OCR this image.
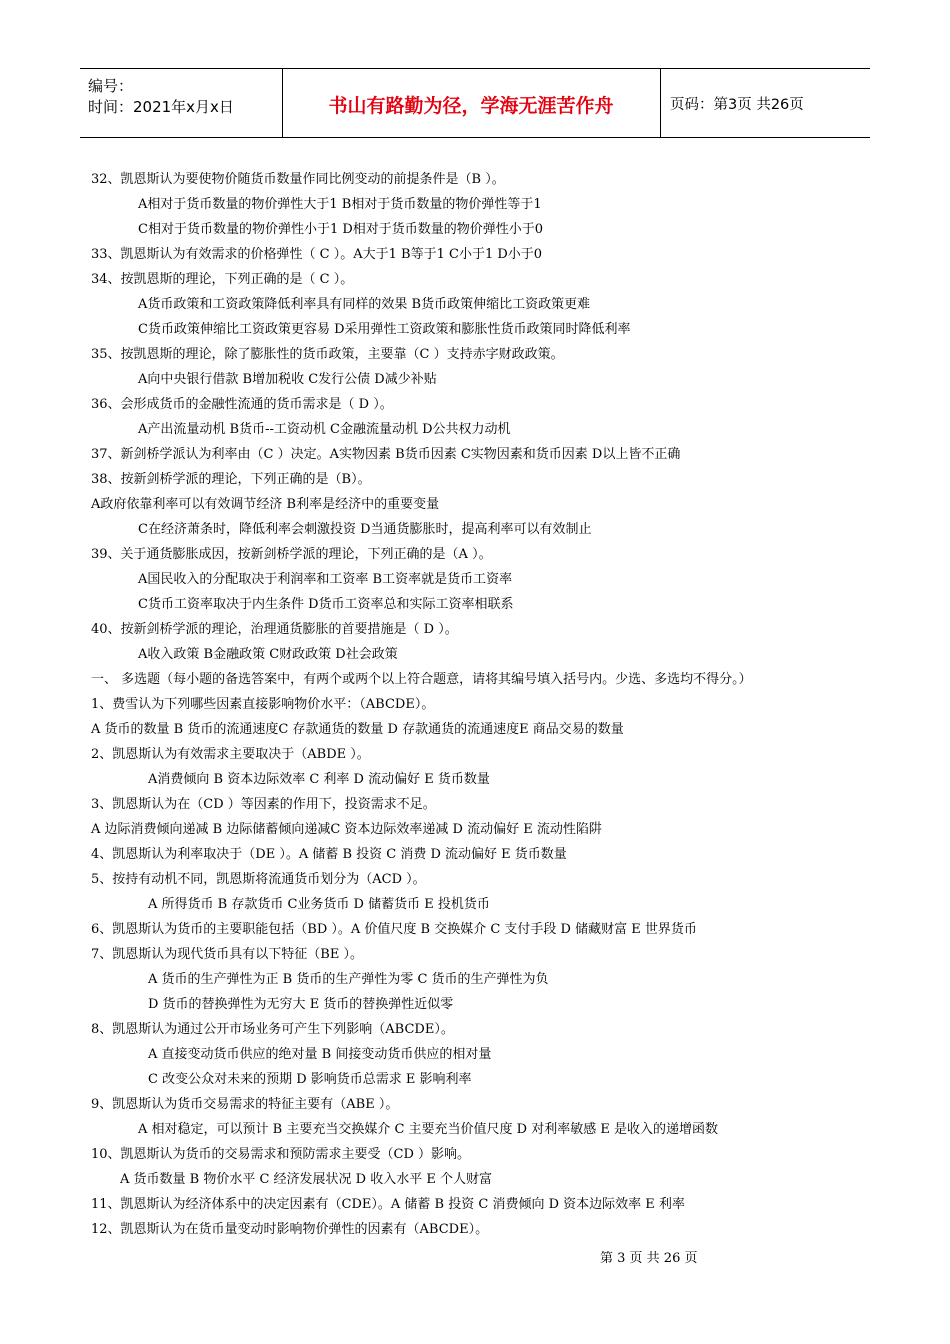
编号：
时间：2021年x月x日	书山有路勤为径，学海无涯苦作舟	页码：第3页 共26页
32、凯恩斯认为要使物价随货币数量作同比例变动的前提条件是（B ）。
A相对于货币数量的物价弹性大于1 B相对于货币数量的物价弹性等于1
C相对于货币数量的物价弹性小于1 D相对于货币数量的物价弹性小于0
33、凯恩斯认为有效需求的价格弹性（ C ）。A大于1 B等于1 C小于1 D小于0
34、按凯恩斯的理论，下列正确的是（ C ）。
A货币政策和工资政策降低利率具有同样的效果 B货币政策伸缩比工资政策更难
C货币政策伸缩比工资政策更容易 D采用弹性工资政策和膨胀性货币政策同时降低利率
35、按凯恩斯的理论，除了膨胀性的货币政策，主要靠（C ）支持赤字财政政策。
A向中央银行借款 B增加税收 C发行公债 D减少补贴
36、会形成货币的金融性流通的货币需求是（ D ）。
A产出流量动机 B货币--工资动机 C金融流量动机 D公共权力动机
37、新剑桥学派认为利率由（C ）决定。A实物因素 B货币因素 C实物因素和货币因素 D以上皆不正确
38、按新剑桥学派的理论，下列正确的是（B）。
A政府依靠利率可以有效调节经济 B利率是经济中的重要变量
C在经济萧条时，降低利率会刺激投资 D当通货膨胀时，提高利率可以有效制止
39、关于通货膨胀成因，按新剑桥学派的理论，下列正确的是（A ）。
A国民收入的分配取决于利润率和工资率 B工资率就是货币工资率
C货币工资率取决于内生条件 D货币工资率总和实际工资率相联系
40、按新剑桥学派的理论，治理通货膨胀的首要措施是（ D ）。
A收入政策 B金融政策 C财政政策 D社会政策
一、 多选题（每小题的备选答案中，有两个或两个以上符合题意，请将其编号填入括号内。少选、多选均不得分。）
1、费雪认为下列哪些因素直接影响物价水平：（ABCDE）。
A 货币的数量 B 货币的流通速度C 存款通货的数量 D 存款通货的流通速度E 商品交易的数量
2、凯恩斯认为有效需求主要取决于（ABDE ）。
A消费倾向 B 资本边际效率 C 利率 D 流动偏好 E 货币数量
3、凯恩斯认为在（CD ）等因素的作用下，投资需求不足。
A 边际消费倾向递减 B 边际储蓄倾向递减C 资本边际效率递减 D 流动偏好 E 流动性陷阱
4、凯恩斯认为利率取决于（DE ）。A 储蓄 B 投资 C 消费 D 流动偏好 E 货币数量
5、按持有动机不同，凯恩斯将流通货币划分为（ACD ）。
A 所得货币 B 存款货币 C业务货币 D 储蓄货币 E 投机货币
6、凯恩斯认为货币的主要职能包括（BD ）。A 价值尺度 B 交换媒介 C 支付手段 D 储藏财富 E 世界货币
7、凯恩斯认为现代货币具有以下特征（BE ）。
A 货币的生产弹性为正 B 货币的生产弹性为零 C 货币的生产弹性为负
D 货币的替换弹性为无穷大 E 货币的替换弹性近似零
8、凯恩斯认为通过公开市场业务可产生下列影响（ABCDE）。
A 直接变动货币供应的绝对量 B 间接变动货币供应的相对量
C 改变公众对未来的预期 D 影响货币总需求 E 影响利率
9、凯恩斯认为货币交易需求的特征主要有（ABE ）。
A 相对稳定，可以预计 B 主要充当交换媒介 C 主要充当价值尺度 D 对利率敏感 E 是收入的递增函数
10、凯恩斯认为货币的交易需求和预防需求主要受（CD ）影响。
A 货币数量 B 物价水平 C 经济发展状况 D 收入水平 E 个人财富
11、凯恩斯认为经济体系中的决定因素有（CDE）。A 储蓄 B 投资 C 消费倾向 D 资本边际效率 E 利率
12、凯恩斯认为在货币量变动时影响物价弹性的因素有（ABCDE）。
第 3 页 共 26 页
